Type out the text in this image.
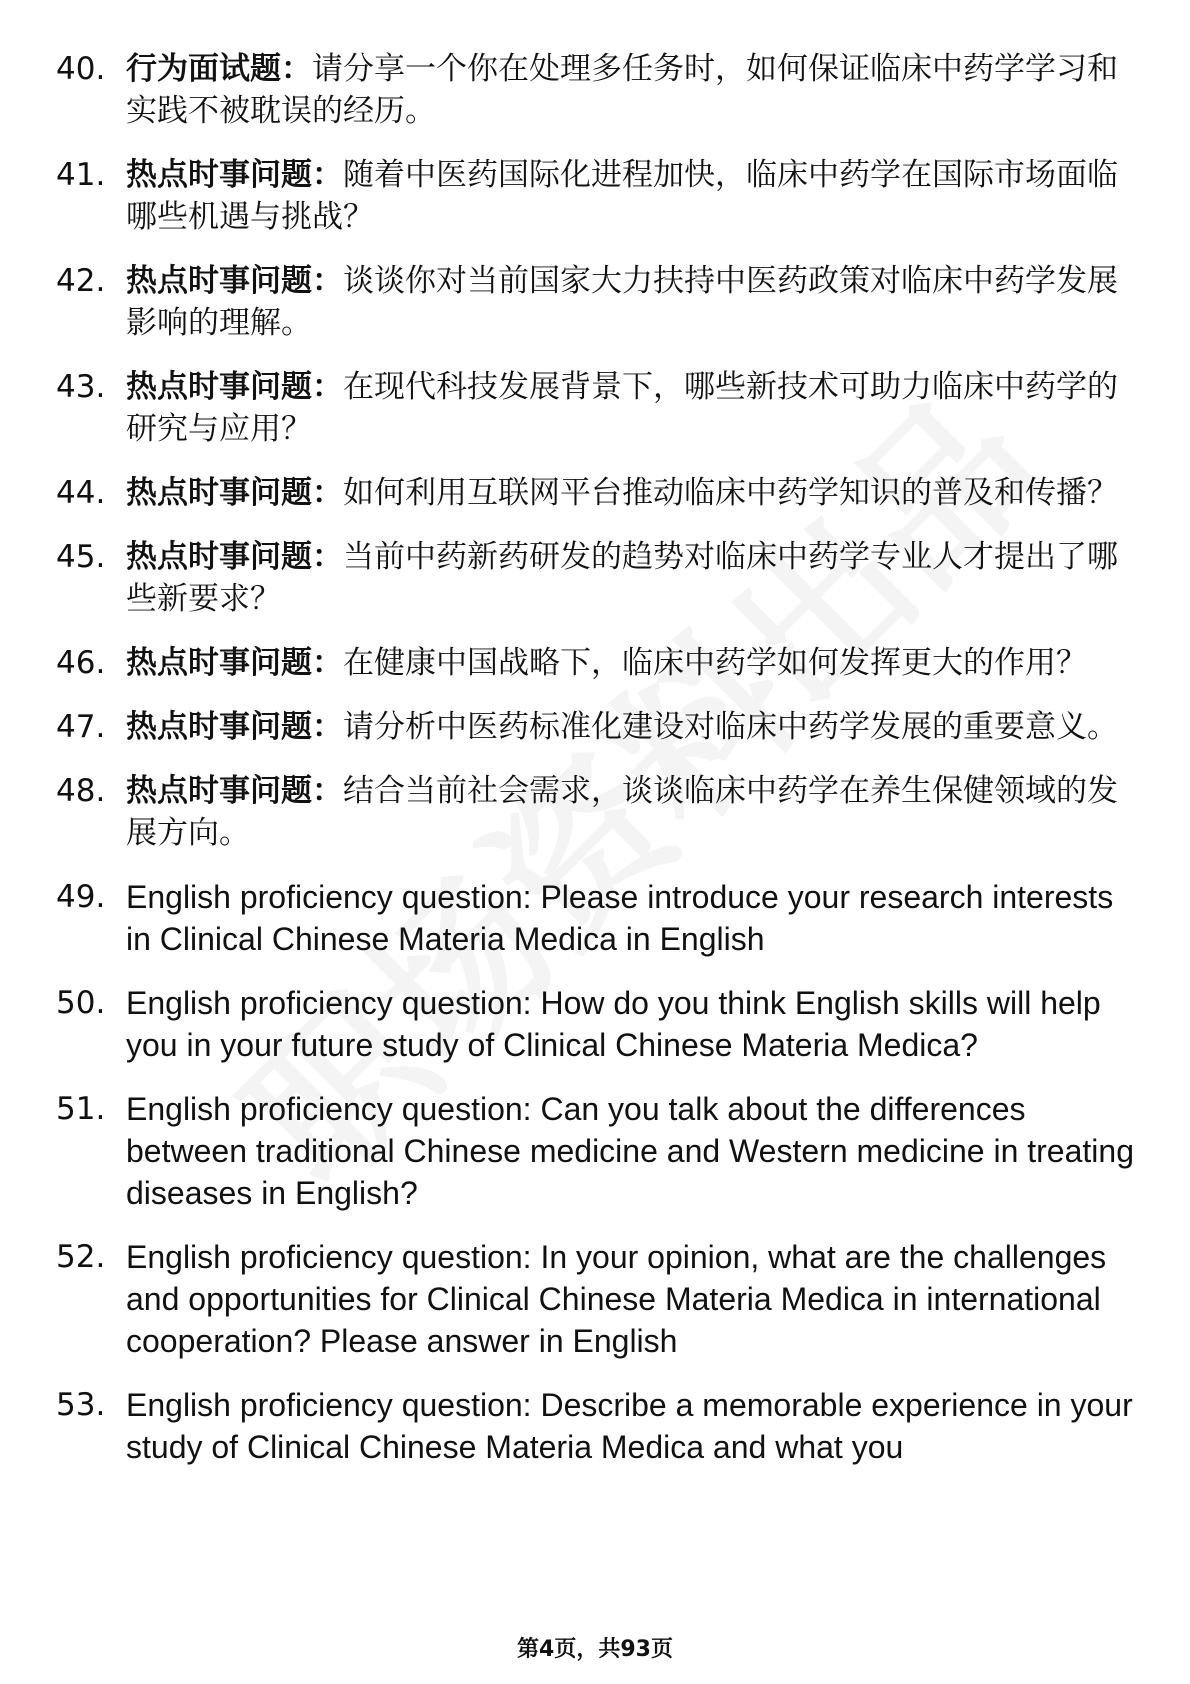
40. 行为面试题：请分享一个你在处理多任务时，如何保证临床中药学学习和实践不被耽误的经历。
41. 热点时事问题：随着中医药国际化进程加快，临床中药学在国际市场面临哪些机遇与挑战？
42. 热点时事问题：谈谈你对当前国家大力扶持中医药政策对临床中药学发展影响的理解。
43. 热点时事问题：在现代科技发展背景下，哪些新技术可助力临床中药学的研究与应用？
44. 热点时事问题：如何利用互联网平台推动临床中药学知识的普及和传播？
45. 热点时事问题：当前中药新药研发的趋势对临床中药学专业人才提出了哪些新要求？
46. 热点时事问题：在健康中国战略下，临床中药学如何发挥更大的作用？
47. 热点时事问题：请分析中医药标准化建设对临床中药学发展的重要意义。
48. 热点时事问题：结合当前社会需求，谈谈临床中药学在养生保健领域的发展方向。
49. English proficiency question: Please introduce your research interests in Clinical Chinese Materia Medica in English
50. English proficiency question: How do you think English skills will help you in your future study of Clinical Chinese Materia Medica?
51. English proficiency question: Can you talk about the differences between traditional Chinese medicine and Western medicine in treating diseases in English?
52. English proficiency question: In your opinion, what are the challenges and opportunities for Clinical Chinese Materia Medica in international cooperation? Please answer in English
53. English proficiency question: Describe a memorable experience in your study of Clinical Chinese Materia Medica and what you
第4页，共93页
